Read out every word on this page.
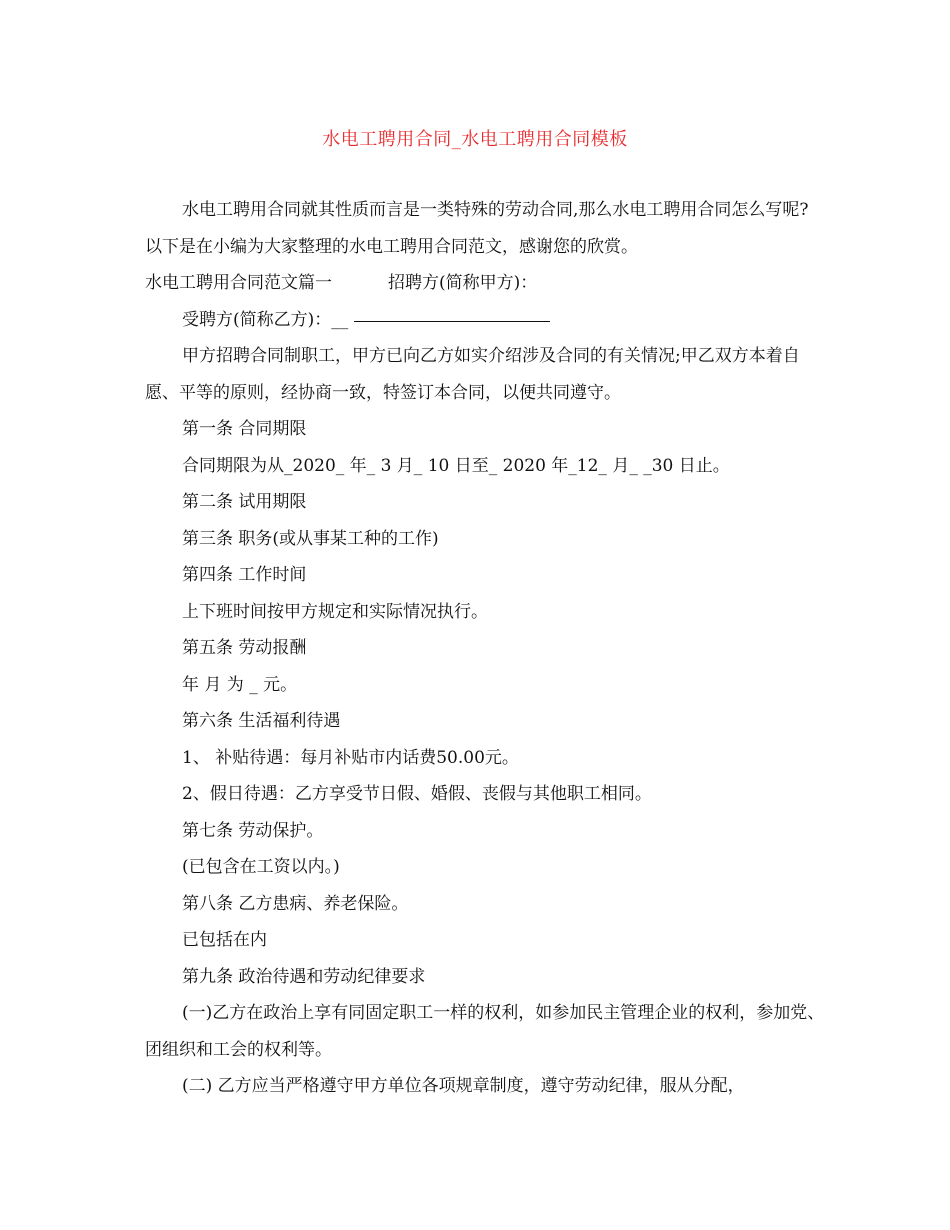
水电工聘用合同_水电工聘用合同模板

水电工聘用合同就其性质而言是一类特殊的劳动合同,那么水电工聘用合同怎么写呢?以下是在小编为大家整理的水电工聘用合同范文，感谢您的欣赏。

水电工聘用合同范文篇一	招聘方(简称甲方)：

受聘方(简称乙方)：__

甲方招聘合同制职工，甲方已向乙方如实介绍涉及合同的有关情况;甲乙双方本着自愿、平等的原则，经协商一致，特签订本合同，以便共同遵守。

第一条 合同期限

合同期限为从_2020_ 年_ 3 月_ 10 日至_ 2020 年_12_ 月_ _30 日止。

第二条 试用期限

第三条 职务(或从事某工种的工作)

第四条 工作时间

上下班时间按甲方规定和实际情况执行。

第五条 劳动报酬

年 月 为 _ 元。

第六条 生活福利待遇

1、 补贴待遇：每月补贴市内话费50.00元。

2、假日待遇：乙方享受节日假、婚假、丧假与其他职工相同。

第七条 劳动保护。

(已包含在工资以内。)

第八条 乙方患病、养老保险。

已包括在内

第九条 政治待遇和劳动纪律要求

(一)乙方在政治上享有同固定职工一样的权利，如参加民主管理企业的权利，参加党、团组织和工会的权利等。

(二) 乙方应当严格遵守甲方单位各项规章制度，遵守劳动纪律，服从分配，
